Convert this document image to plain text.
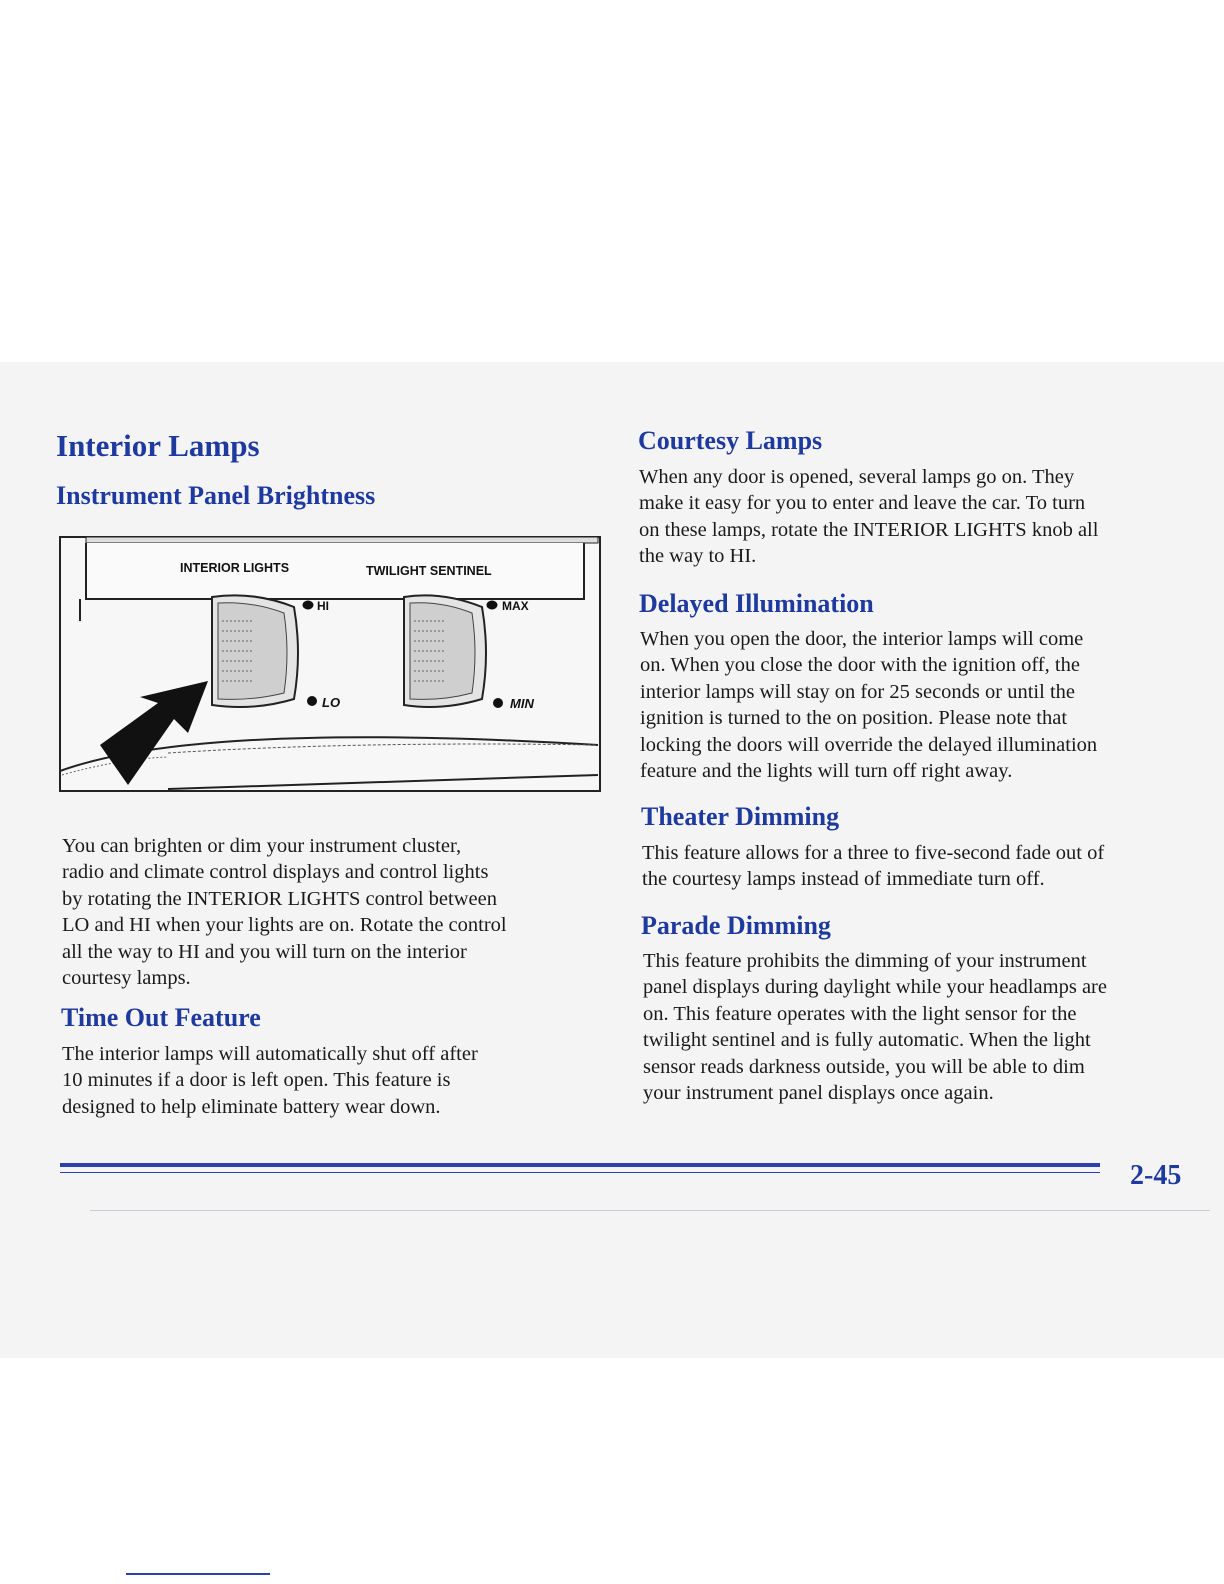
Interior Lamps
Instrument Panel Brightness
INTERIOR LIGHTS	TWILIGHT SENTINEL
HI
LO
MAX
MIN
You can brighten or dim your instrument cluster,
radio and climate control displays and control lights
by rotating the INTERIOR LIGHTS control between
LO and HI when your lights are on. Rotate the control
all the way to HI and you will turn on the interior
courtesy lamps.
Time Out Feature
The interior lamps will automatically shut off after
10 minutes if a door is left open. This feature is
designed to help eliminate battery wear down.
Courtesy Lamps
When any door is opened, several lamps go on. They
make it easy for you to enter and leave the car. To turn
on these lamps, rotate the INTERIOR LIGHTS knob all
the way to HI.
Delayed Illumination
When you open the door, the interior lamps will come
on. When you close the door with the ignition off, the
interior lamps will stay on for 25 seconds or until the
ignition is turned to the on position. Please note that
locking the doors will override the delayed illumination
feature and the lights will turn off right away.
Theater Dimming
This feature allows for a three to five-second fade out of
the courtesy lamps instead of immediate turn off.
Parade Dimming
This feature prohibits the dimming of your instrument
panel displays during daylight while your headlamps are
on. This feature operates with the light sensor for the
twilight sentinel and is fully automatic. When the light
sensor reads darkness outside, you will be able to dim
your instrument panel displays once again.
2-45
